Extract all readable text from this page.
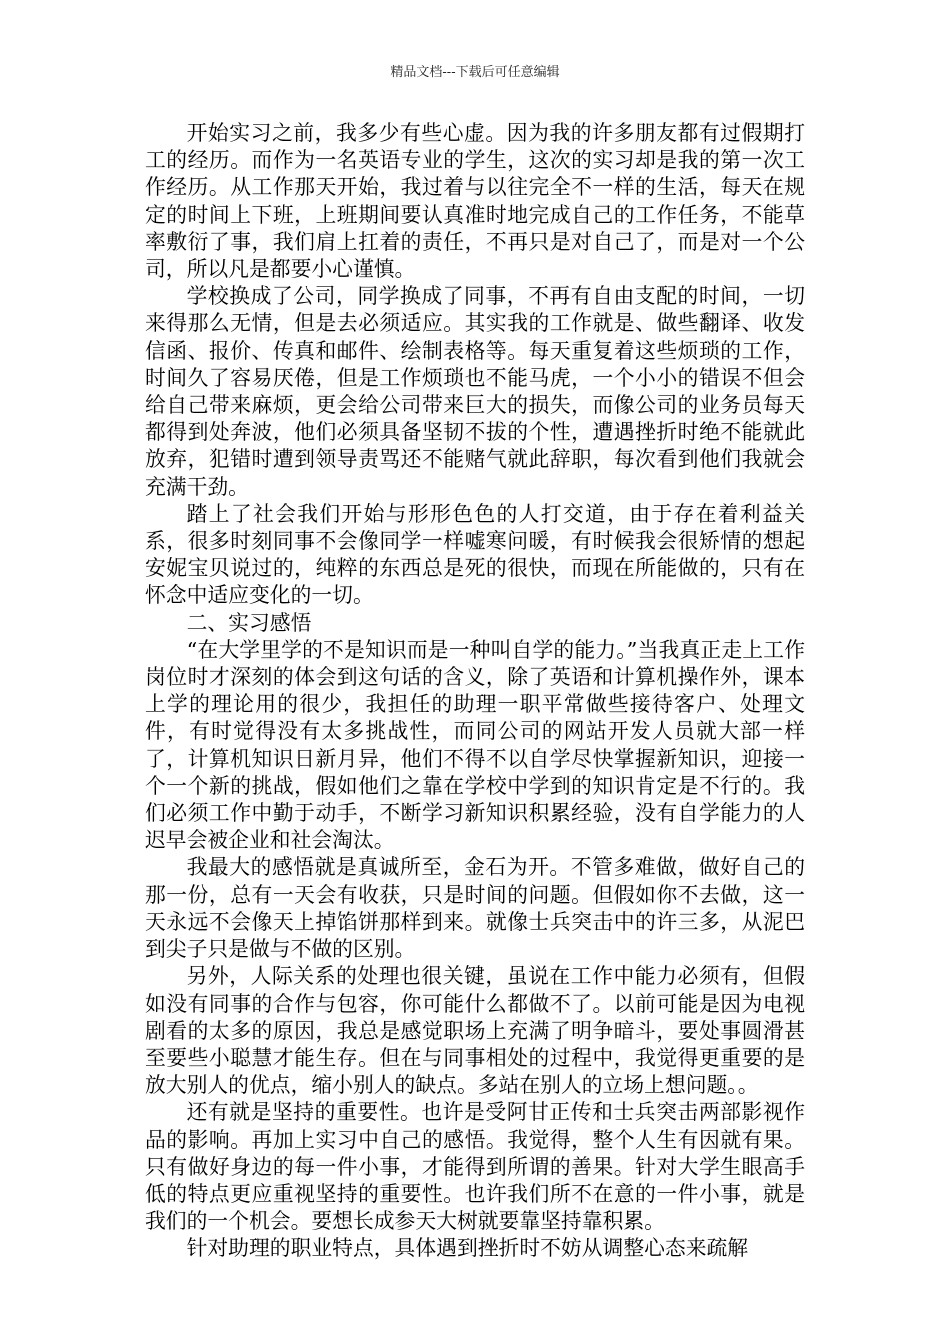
精品文档---下载后可任意编辑

开始实习之前，我多少有些心虚。因为我的许多朋友都有过假期打工的经历。而作为一名英语专业的学生，这次的实习却是我的第一次工作经历。从工作那天开始，我过着与以往完全不一样的生活，每天在规定的时间上下班，上班期间要认真准时地完成自己的工作任务，不能草率敷衍了事，我们肩上扛着的责任，不再只是对自己了，而是对一个公司，所以凡是都要小心谨慎。

学校换成了公司，同学换成了同事，不再有自由支配的时间，一切来得那么无情，但是去必须适应。其实我的工作就是、做些翻译、收发信函、报价、传真和邮件、绘制表格等。每天重复着这些烦琐的工作，时间久了容易厌倦，但是工作烦琐也不能马虎，一个小小的错误不但会给自己带来麻烦，更会给公司带来巨大的损失，而像公司的业务员每天都得到处奔波，他们必须具备坚韧不拔的个性，遭遇挫折时绝不能就此放弃，犯错时遭到领导责骂还不能赌气就此辞职，每次看到他们我就会充满干劲。

踏上了社会我们开始与形形色色的人打交道，由于存在着利益关系，很多时刻同事不会像同学一样嘘寒问暖，有时候我会很矫情的想起安妮宝贝说过的，纯粹的东西总是死的很快，而现在所能做的，只有在怀念中适应变化的一切。

二、实习感悟

“在大学里学的不是知识而是一种叫自学的能力。”当我真正走上工作岗位时才深刻的体会到这句话的含义，除了英语和计算机操作外，课本上学的理论用的很少，我担任的助理一职平常做些接待客户、处理文件，有时觉得没有太多挑战性，而同公司的网站开发人员就大部一样了，计算机知识日新月异，他们不得不以自学尽快掌握新知识，迎接一个一个新的挑战，假如他们之靠在学校中学到的知识肯定是不行的。我们必须工作中勤于动手，不断学习新知识积累经验，没有自学能力的人迟早会被企业和社会淘汰。

我最大的感悟就是真诚所至，金石为开。不管多难做，做好自己的那一份，总有一天会有收获，只是时间的问题。但假如你不去做，这一天永远不会像天上掉馅饼那样到来。就像士兵突击中的许三多，从泥巴到尖子只是做与不做的区别。

另外，人际关系的处理也很关键，虽说在工作中能力必须有，但假如没有同事的合作与包容，你可能什么都做不了。以前可能是因为电视剧看的太多的原因，我总是感觉职场上充满了明争暗斗，要处事圆滑甚至要些小聪慧才能生存。但在与同事相处的过程中，我觉得更重要的是放大别人的优点，缩小别人的缺点。多站在别人的立场上想问题。。

还有就是坚持的重要性。也许是受阿甘正传和士兵突击两部影视作品的影响。再加上实习中自己的感悟。我觉得，整个人生有因就有果。只有做好身边的每一件小事，才能得到所谓的善果。针对大学生眼高手低的特点更应重视坚持的重要性。也许我们所不在意的一件小事，就是我们的一个机会。要想长成参天大树就要靠坚持靠积累。

针对助理的职业特点，具体遇到挫折时不妨从调整心态来疏解
